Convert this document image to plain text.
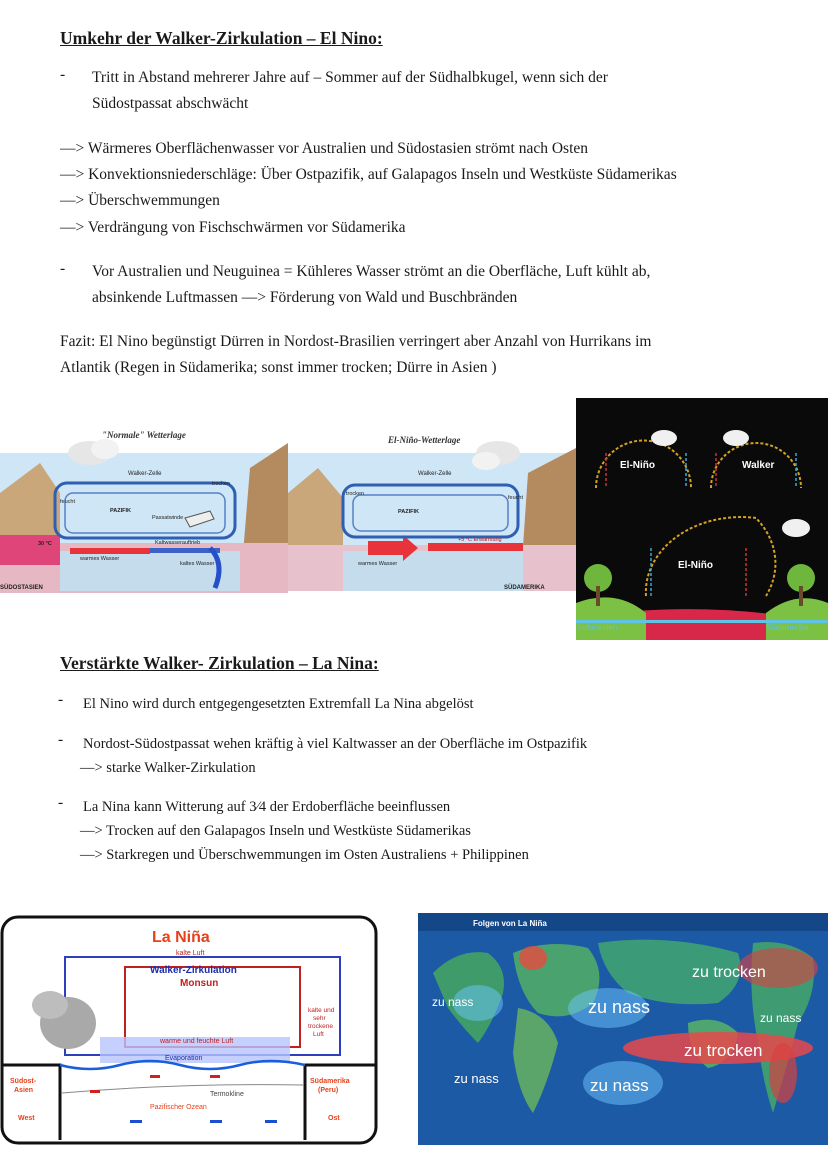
Umkehr der Walker-Zirkulation – El Nino:
- Tritt in Abstand mehrerer Jahre auf – Sommer auf der Südhalbkugel, wenn sich der
Südostpassat abschwächt
—> Wärmeres Oberflächenwasser vor Australien und Südostasien strömt nach Osten
—> Konvektionsniederschläge: Über Ostpazifik, auf Galapagos Inseln und Westküste Südamerikas
—> Überschwemmungen
—> Verdrängung von Fischschwärmen vor Südamerika
- Vor Australien und Neuguinea = Kühleres Wasser strömt an die Oberfläche, Luft kühlt ab,
absinkende Luftmassen —> Förderung von Wald und Buschbränden
Fazit: El Nino begünstigt Dürren in Nordost-Brasilien verringert aber Anzahl von Hurrikans im
Atlantik (Regen in Südamerika; sonst immer trocken; Dürre in Asien )
"Normale" Wetterlage
Walker-Zelle
PAZIFIK
Passatwinde
feucht
trocken
Kaltwasserauftrieb
warmes Wasser
kaltes Wasser
30 °C
SÜDOSTASIEN
El-Niño-Wetterlage
Walker-Zelle
PAZIFIK
trocken
feucht
warmes Wasser
+5 °C Erwärmung
SÜDAMERIKA
El-Niño	Walker
El-Niño
Indonesien	Südamerika
Verstärkte Walker- Zirkulation – La Nina:
- El Nino wird durch entgegengesetzten Extremfall La Nina abgelöst
- Nordost-Südostpassat wehen kräftig à viel Kaltwasser an der Oberfläche im Ostpazifik
—> starke Walker-Zirkulation
- La Nina kann Witterung auf 3⁄4 der Erdoberfläche beeinflussen
—> Trocken auf den Galapagos Inseln und Westküste Südamerikas
—> Starkregen und Überschwemmungen im Osten Australiens + Philippinen
La Niña
kalte Luft
Walker-Zirkulation
Monsun
kalte und
sehr
trockene
Luft
warme und feuchte Luft
Evaporation
Südost-
Asien
Südamerika
(Peru)
Termokline
Pazifischer Ozean
West	Ost
Folgen von La Niña
zu trocken
zu nass	zu nass
zu nass
zu trocken
zu nass	zu nass
